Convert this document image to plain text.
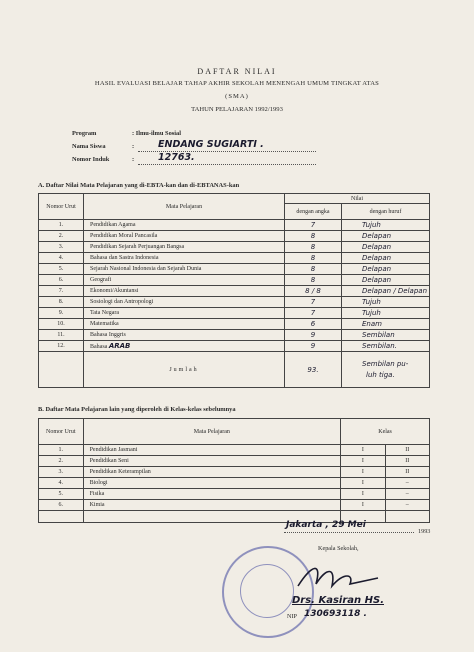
DAFTAR NILAI
HASIL EVALUASI BELAJAR TAHAP AKHIR SEKOLAH MENENGAH UMUM TINGKAT ATAS
(SMA)
TAHUN PELAJARAN 1992/1993
Program	: Ilmu-ilmu Sosial
Nama Siswa	:	ENDANG SUGIARTI .
Nomor Induk	:	12763.
A. Daftar Nilai Mata Pelajaran yang di-EBTA-kan dan di-EBTANAS-kan
Nomor Urut	Mata Pelajaran	Nilai	
		dengan angka	dengan huruf
1.	Pendidikan Agama	7	Tujuh
2.	Pendidikan Moral Pancasila	8	Delapan
3.	Pendidikan Sejarah Perjuangan Bangsa	8	Delapan
4.	Bahasa dan Sastra Indonesia	8	Delapan
5.	Sejarah Nasional Indonesia dan Sejarah Dunia	8	Delapan
6.	Geografi	8	Delapan
7.	Ekonomi/Akuntansi	8 / 8	Delapan / Delapan
8.	Sosiologi dan Antropologi	7	Tujuh
9.	Tata Negara	7	Tujuh
10.	Matematika	6	Enam
11.	Bahasa Inggris	9	Sembilan
12.	Bahasa ARAB	9	Sembilan.
	Jumlah	93.	Sembilan pu-
luh tiga.
B. Daftar Mata Pelajaran lain yang diperoleh di Kelas-kelas sebelumnya
Nomor Urut	Mata Pelajaran	Kelas	
1.	Pendidikan Jasmani	I	II
2.	Pendidikan Seni	I	II
3.	Pendidikan Keterampilan	I	II
4.	Biologi	I	–
5.	Fisika	I	–
6.	Kimia	I	–

Jakarta , 29 Mei
1993
Kepala Sekolah,
Drs. Kasiran HS.
NIP 130693118 .
